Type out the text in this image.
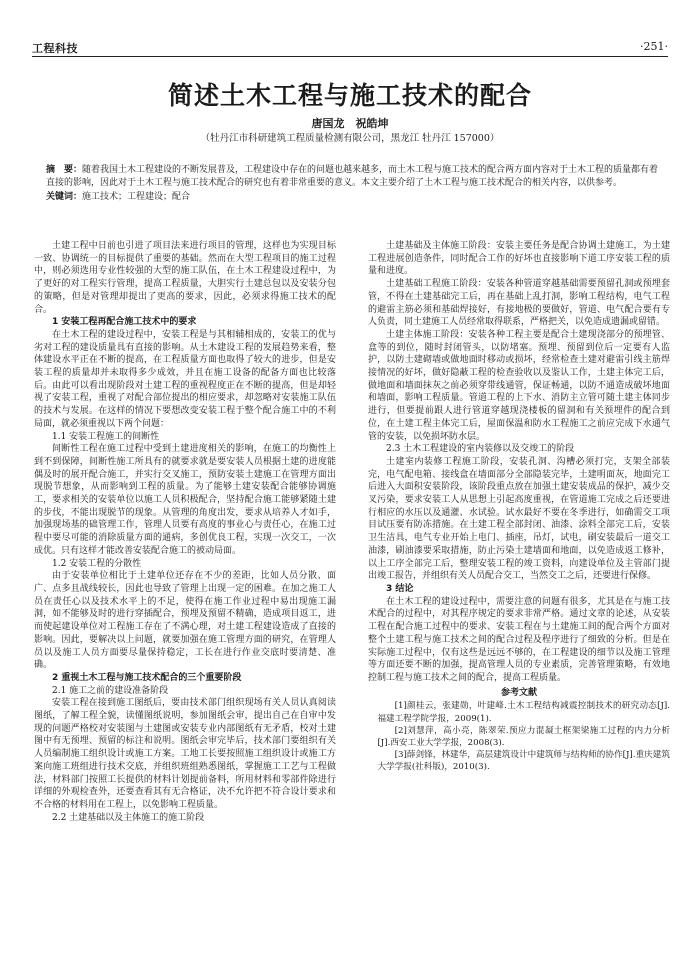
工程科技	·251·
简述土木工程与施工技术的配合
唐国龙　祝皓坤
（牡丹江市科研建筑工程质量检测有限公司，黑龙江 牡丹江 157000）
摘　要：随着我国土木工程建设的不断发展普及，工程建设中存在的问题也越来越多，而土木工程与施工技术的配合两方面内容对于土木工程的质量都有着直接的影响，因此对于土木工程与施工技术配合的研究也有着非常重要的意义。本文主要介绍了土木工程与施工技术配合的相关内容，以供参考。
关键词：施工技术；工程建设；配合

土建工程中日前也引进了项目法来进行项目的管理，这样也为实现目标一致、协调统一的目标提供了重要的基础。然而在大型工程项目的施工过程中，则必须选用专业性较强的大型的施工队伍，在土木工程建设过程中，为了更好的对工程实行管理，提高工程质量，大胆实行土建总包以及安装分包的策略，但是对管理却提出了更高的要求，因此，必须求得施工技术的配合。

1 安装工程再配合施工技术中的要求

在土木工程的建设过程中，安装工程是与其相辅相成的，安装工的优与劣对工程的建设质量具有直接的影响。从土木建设工程的发展趋势来看，整体建设水平正在不断的提高，在工程质量方面也取得了较大的进步，但是安装工程的质量却并未取得多少成效，并且在施工设备的配备方面也比较落后。由此可以看出现阶段对土建工程的重视程度正在不断的提高，但是却轻视了安装工程，重视了对配合部位提出的相应要求，却忽略对安装施工队伍的技术与发展。在这样的情况下要想改变安装工程于整个配合施工中的不利局面，就必须重视以下两个问题：

1.1 安装工程施工的间断性

间断性工程在施工过程中受到土建进度相关的影响，在施工的均衡性上到不到保障，间断性施工所具有的就要求就是要安装人员根据土建的进度能偶及时的展开配合施工，并实行交叉施工，预防安装土建施工在管理方面出现脱节想象，从而影响到工程的质量。为了能够土建安装配合能够协调施工，要求相关的安装单位以施工人员积极配合，坚持配合施工能够紧随土建的步伐，不能出现脱节的现象。从管理的角度出发，要求从培养人才如手，加强现场基的础管理工作，管理人员要有高度的事业心与责任心，在施工过程中要尽可能的消除质量方面的通病，多创优良工程，实现一次交工，一次成优。只有这样才能改善安装配合施工的被动局面。

1.2 安装工程的分散性

由于安装单位相比于土建单位还存在不少的差距，比如人员分散、面广、点多且战线较长，因此也导致了管理上出现一定的困难。在加之施工人员在责任心以及技术水平上的不足，使得在施工作业过程中易出现施工漏洞，如不能够及时的进行穿插配合，预埋及预留不精确，造成项目返工，进而使起建设单位对工程施工存在了不满心理，对土建工程建设造成了直接的影响。因此，要解决以上问题，就要加强在施工管理方面的研究，在管理人员以及施工人员方面要尽量保持稳定，工长在进行作业交底时要清楚、准确。

2 重视土木工程与施工技术配合的三个重要阶段
2.1 施工之前的建设准备阶段

安装工程在接到施工图纸后，要由技术部门组织现场有关人员认真阅读图纸，了解工程全貌，读懂图纸说明，参加图纸会审，提出自己在自审中发现的问题严格校对安装图与土建图或安装专业内部图纸有无矛盾，校对土建图中有无预埋、预留的标注和说明。图纸会审完毕后，技术部门要组织有关人员编制施工组织设计或施工方案。工地工长要按照施工组织设计或施工方案向施工班组进行技术交底，并组织班组熟悉图纸，掌握施工工艺与工程做法，材料部门按照工长提供的材料计划提前备料，所用材料和零部件除进行详细的外观检查外，还要查看其有无合格证，决不允许把不符合设计要求和不合格的材料用在工程上，以免影响工程质量。

2.2 土建基础以及主体施工的施工阶段

土建基础及主体施工阶段：安装主要任务是配合协调土建施工，为土建工程进展创造条件，同时配合工作的好坏也直接影响下道工序安装工程的质量和进度。

土建基础工程施工阶段：安装各种管道穿越基础需要预留孔洞或预埋套管，不得在土建基础完工后，再在基础上乱打洞，影响工程结构，电气工程的避雷主筋必须和基础焊接好，有接地极的要做好，管道、电气配合要有专人负责，同土建施工人员经常取得联系，严格把关，以免造成遗漏或留错。

土建主体施工阶段：安装各种工程主要是配合土建现浇部分的预埋管、盒等的到位，随时封闭管头，以防堵塞。预埋、预留到位后一定要有人监护，以防土建砌墙或做地面时移动或损坏，经常检查土建对避雷引线主筋焊接情况的好坏，做好隐蔽工程的检查验收以及鉴认工作，土建主体完工后，做地面和墙面抹灰之前必须穿带线通管，保证畅通，以防不通造成破坏地面和墙面，影响工程质量。管道工程的上下水、消防主立管可随土建主体同步进行，但要提前跟人进行管道穿越现浇楼板的留洞和有关预埋件的配合到位，在土建工程主体完工后，屋面保温和防水工程施工之前应完成下水通气管的安装，以免损坏防水层。

2.3 土木工程建设的室内装修以及交竣工的阶段

土建室内装修工程施工阶段，安装孔洞、沟槽必须打完，支架全部装完，电气配电箱、接线盒在墙面部分全部隐装完毕，土建明面灰，地面完工后进入大面积安装阶段，该阶段重点放在加强土建安装成品的保护，减少交叉污染，要求安装工人从思想上引起高度重视，在管道施工完成之后还要进行相应的水压以及通灌、水试验。试水最好不要在冬季进行，如确需交工项目试压要有防冻措施。在土建工程全部封闭、油漆、涂料全部完工后，安装卫生洁具，电气专业开始上电门、插座，吊灯，试电，刷安装最后一道交工油漆，刷油漆要采取措施，防止污染土建墙面和地面，以免造成返工修补，以上工序全部完工后，整理安装工程的竣工资料，向建设单位及主管部门提出竣工报告，并组织有关人员配合交工，当然交工之后，还要进行保修。

3 结论

在土木工程的建设过程中，需要注意的问题有很多，尤其是在与施工技术配合的过程中，对其程序规定的要求非常严格。通过文章的论述，从安装工程在配合施工过程中的要求、安装工程在与土建施工间的配合两个方面对整个土建工程与施工技术之间的配合过程及程序进行了细致的分析。但是在实际施工过程中，仅有这些是远远不够的，在工程建设的细节以及施工管理等方面还要不断的加强，提高管理人员的专业素质，完善管理策略，有效地控制工程与施工技术之间的配合，提高工程质量。

参考文献

[1]颜桂云，张建勋，叶建峰.土木工程结构减震控制技术的研究动态[J].福建工程学院学报，2009(1).

[2]刘慧萍，高小亮，陈翠荣.预应力混凝土框架梁施工过程的内力分析[J].西安工业大学学报，2008(3).

[3]薛剑锋，林建华，高层建筑设计中建筑师与结构师的协作[J].重庆建筑大学学报(社科版)，2010(3).
